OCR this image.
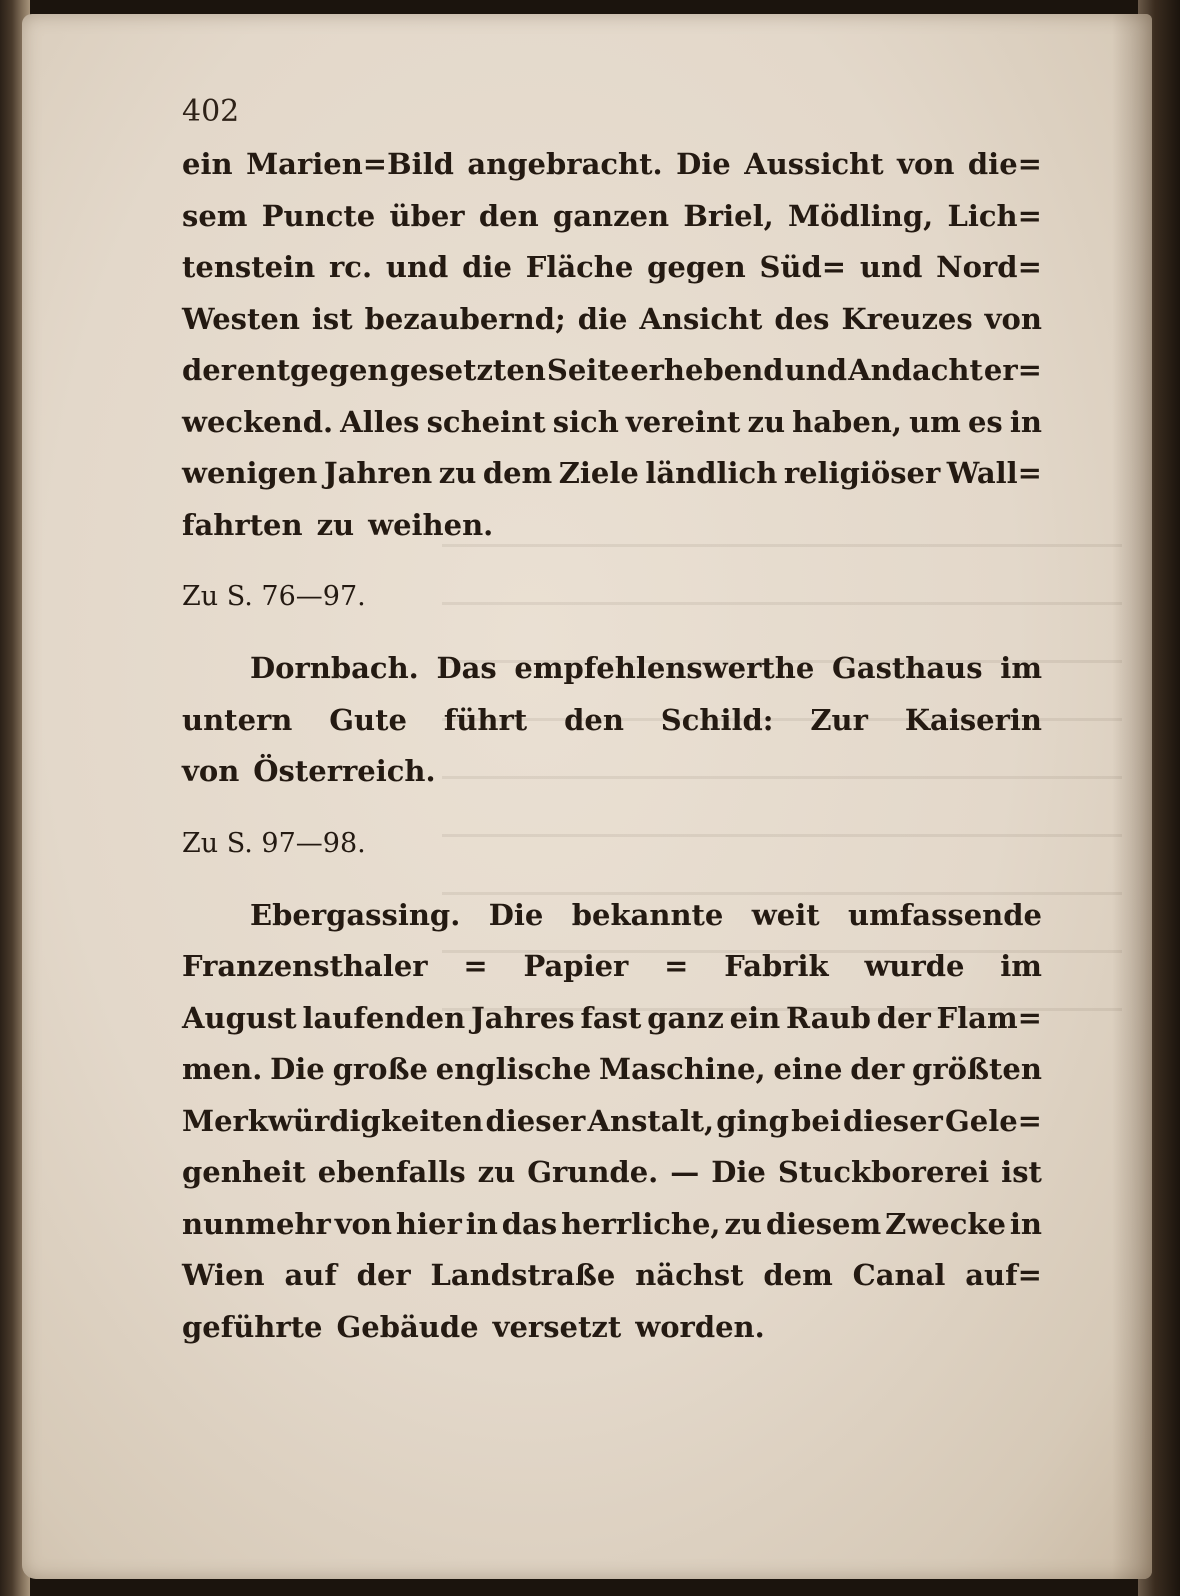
402
ein Marien=Bild angebracht. Die Aussicht von die=
sem Puncte über den ganzen Briel, Mödling, Lich=
tenstein rc. und die Fläche gegen Süd= und Nord=
Westen ist bezaubernd; die Ansicht des Kreuzes von
der entgegen gesetzten Seite erhebend und Andacht er=
weckend. Alles scheint sich vereint zu haben, um es in
wenigen Jahren zu dem Ziele ländlich religiöser Wall=
fahrten zu weihen.
Zu S. 76—97.
Dornbach. Das empfehlenswerthe Gasthaus im
untern Gute führt den Schild: Zur Kaiserin
von Österreich.
Zu S. 97—98.
Ebergassing. Die bekannte weit umfassende
Franzensthaler = Papier = Fabrik wurde im
August laufenden Jahres fast ganz ein Raub der Flam=
men. Die große englische Maschine, eine der größten
Merkwürdigkeiten dieser Anstalt, ging bei dieser Gele=
genheit ebenfalls zu Grunde. — Die Stuckborerei ist
nunmehr von hier in das herrliche, zu diesem Zwecke in
Wien auf der Landstraße nächst dem Canal auf=
geführte Gebäude versetzt worden.
